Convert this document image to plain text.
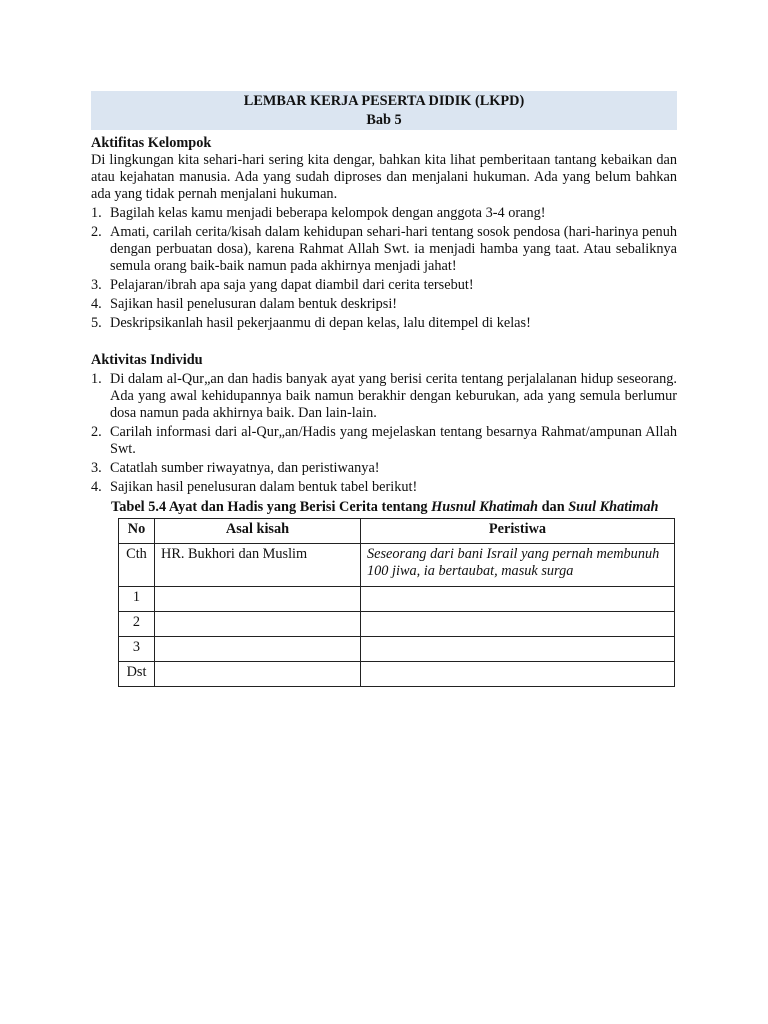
LEMBAR KERJA PESERTA DIDIK (LKPD)
Bab 5
Aktifitas Kelompok
Di lingkungan kita sehari-hari sering kita dengar, bahkan kita lihat pemberitaan tantang kebaikan dan atau kejahatan manusia. Ada yang sudah diproses dan menjalani hukuman. Ada yang belum bahkan ada yang tidak pernah menjalani hukuman.
1. Bagilah kelas kamu menjadi beberapa kelompok dengan anggota 3-4 orang!
2. Amati, carilah cerita/kisah dalam kehidupan sehari-hari tentang sosok pendosa (hari-harinya penuh dengan perbuatan dosa), karena Rahmat Allah Swt. ia menjadi hamba yang taat. Atau sebaliknya semula orang baik-baik namun pada akhirnya menjadi jahat!
3. Pelajaran/ibrah apa saja yang dapat diambil dari cerita tersebut!
4. Sajikan hasil penelusuran dalam bentuk deskripsi!
5. Deskripsikanlah hasil pekerjaanmu di depan kelas, lalu ditempel di kelas!
Aktivitas Individu
1. Di dalam al-Qur„an dan hadis banyak ayat yang berisi cerita tentang perjalalanan hidup seseorang. Ada yang awal kehidupannya baik namun berakhir dengan keburukan, ada yang semula berlumur dosa namun pada akhirnya baik. Dan lain-lain.
2. Carilah informasi dari al-Qur„an/Hadis yang mejelaskan tentang besarnya Rahmat/ampunan Allah Swt.
3. Catatlah sumber riwayatnya, dan peristiwanya!
4. Sajikan hasil penelusuran dalam bentuk tabel berikut!
Tabel 5.4 Ayat dan Hadis yang Berisi Cerita tentang Husnul Khatimah dan Suul Khatimah
No	Asal kisah	Peristiwa
Cth	HR. Bukhori dan Muslim	Seseorang dari bani Israil yang pernah membunuh 100 jiwa, ia bertaubat, masuk surga
1		
2		
3		
Dst		
